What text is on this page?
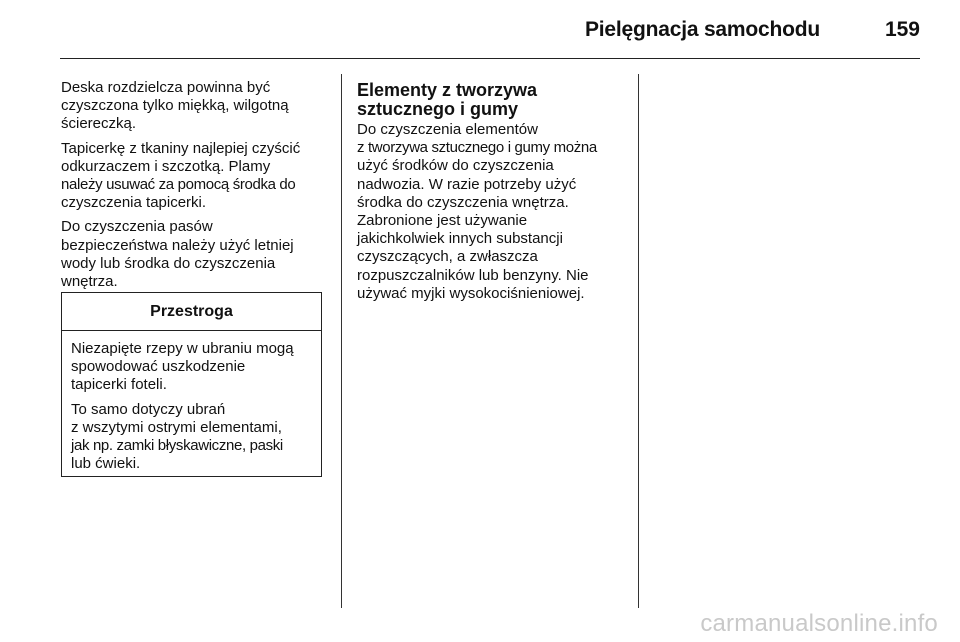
Pielęgnacja samochodu	159

Deska rozdzielcza powinna być
czyszczona tylko miękką, wilgotną
ściereczką.

Tapicerkę z tkaniny najlepiej czyścić
odkurzaczem i szczotką. Plamy
należy usuwać za pomocą środka do
czyszczenia tapicerki.

Do czyszczenia pasów
bezpieczeństwa należy użyć letniej
wody lub środka do czyszczenia
wnętrza.

Przestroga

Niezapięte rzepy w ubraniu mogą
spowodować uszkodzenie
tapicerki foteli.

To samo dotyczy ubrań
z wszytymi ostrymi elementami,
jak np. zamki błyskawiczne, paski
lub ćwieki.

Elementy z tworzywa
sztucznego i gumy
Do czyszczenia elementów
z tworzywa sztucznego i gumy można
użyć środków do czyszczenia
nadwozia. W razie potrzeby użyć
środka do czyszczenia wnętrza.
Zabronione jest używanie
jakichkolwiek innych substancji
czyszczących, a zwłaszcza
rozpuszczalników lub benzyny. Nie
używać myjki wysokociśnieniowej.
carmanualsonline.info
